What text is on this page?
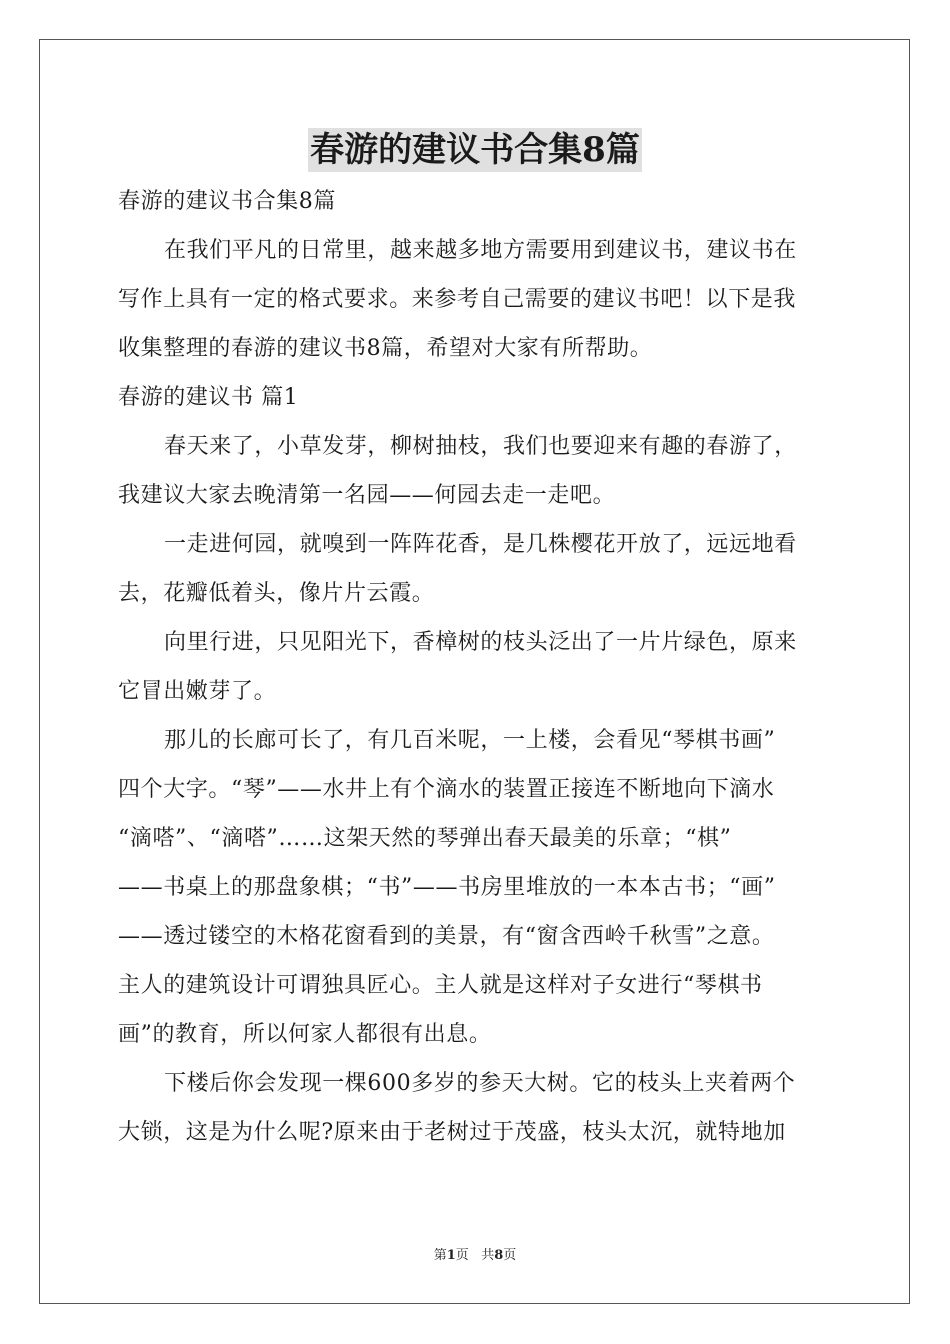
春游的建议书合集8篇
春游的建议书合集8篇
在我们平凡的日常里，越来越多地方需要用到建议书，建议书在
写作上具有一定的格式要求。来参考自己需要的建议书吧！以下是我
收集整理的春游的建议书8篇，希望对大家有所帮助。
春游的建议书 篇1
春天来了，小草发芽，柳树抽枝，我们也要迎来有趣的春游了，
我建议大家去晚清第一名园——何园去走一走吧。
一走进何园，就嗅到一阵阵花香，是几株樱花开放了，远远地看
去，花瓣低着头，像片片云霞。
向里行进，只见阳光下，香樟树的枝头泛出了一片片绿色，原来
它冒出嫩芽了。
那儿的长廊可长了，有几百米呢，一上楼，会看见“琴棋书画”
四个大字。“琴”——水井上有个滴水的装置正接连不断地向下滴水
“滴嗒”、“滴嗒”……这架天然的琴弹出春天最美的乐章；“棋”
——书桌上的那盘象棋；“书”——书房里堆放的一本本古书；“画”
——透过镂空的木格花窗看到的美景，有“窗含西岭千秋雪”之意。
主人的建筑设计可谓独具匠心。主人就是这样对子女进行“琴棋书
画”的教育，所以何家人都很有出息。
下楼后你会发现一棵600多岁的参天大树。它的枝头上夹着两个
大锁，这是为什么呢?原来由于老树过于茂盛，枝头太沉，就特地加
第1页 共8页
